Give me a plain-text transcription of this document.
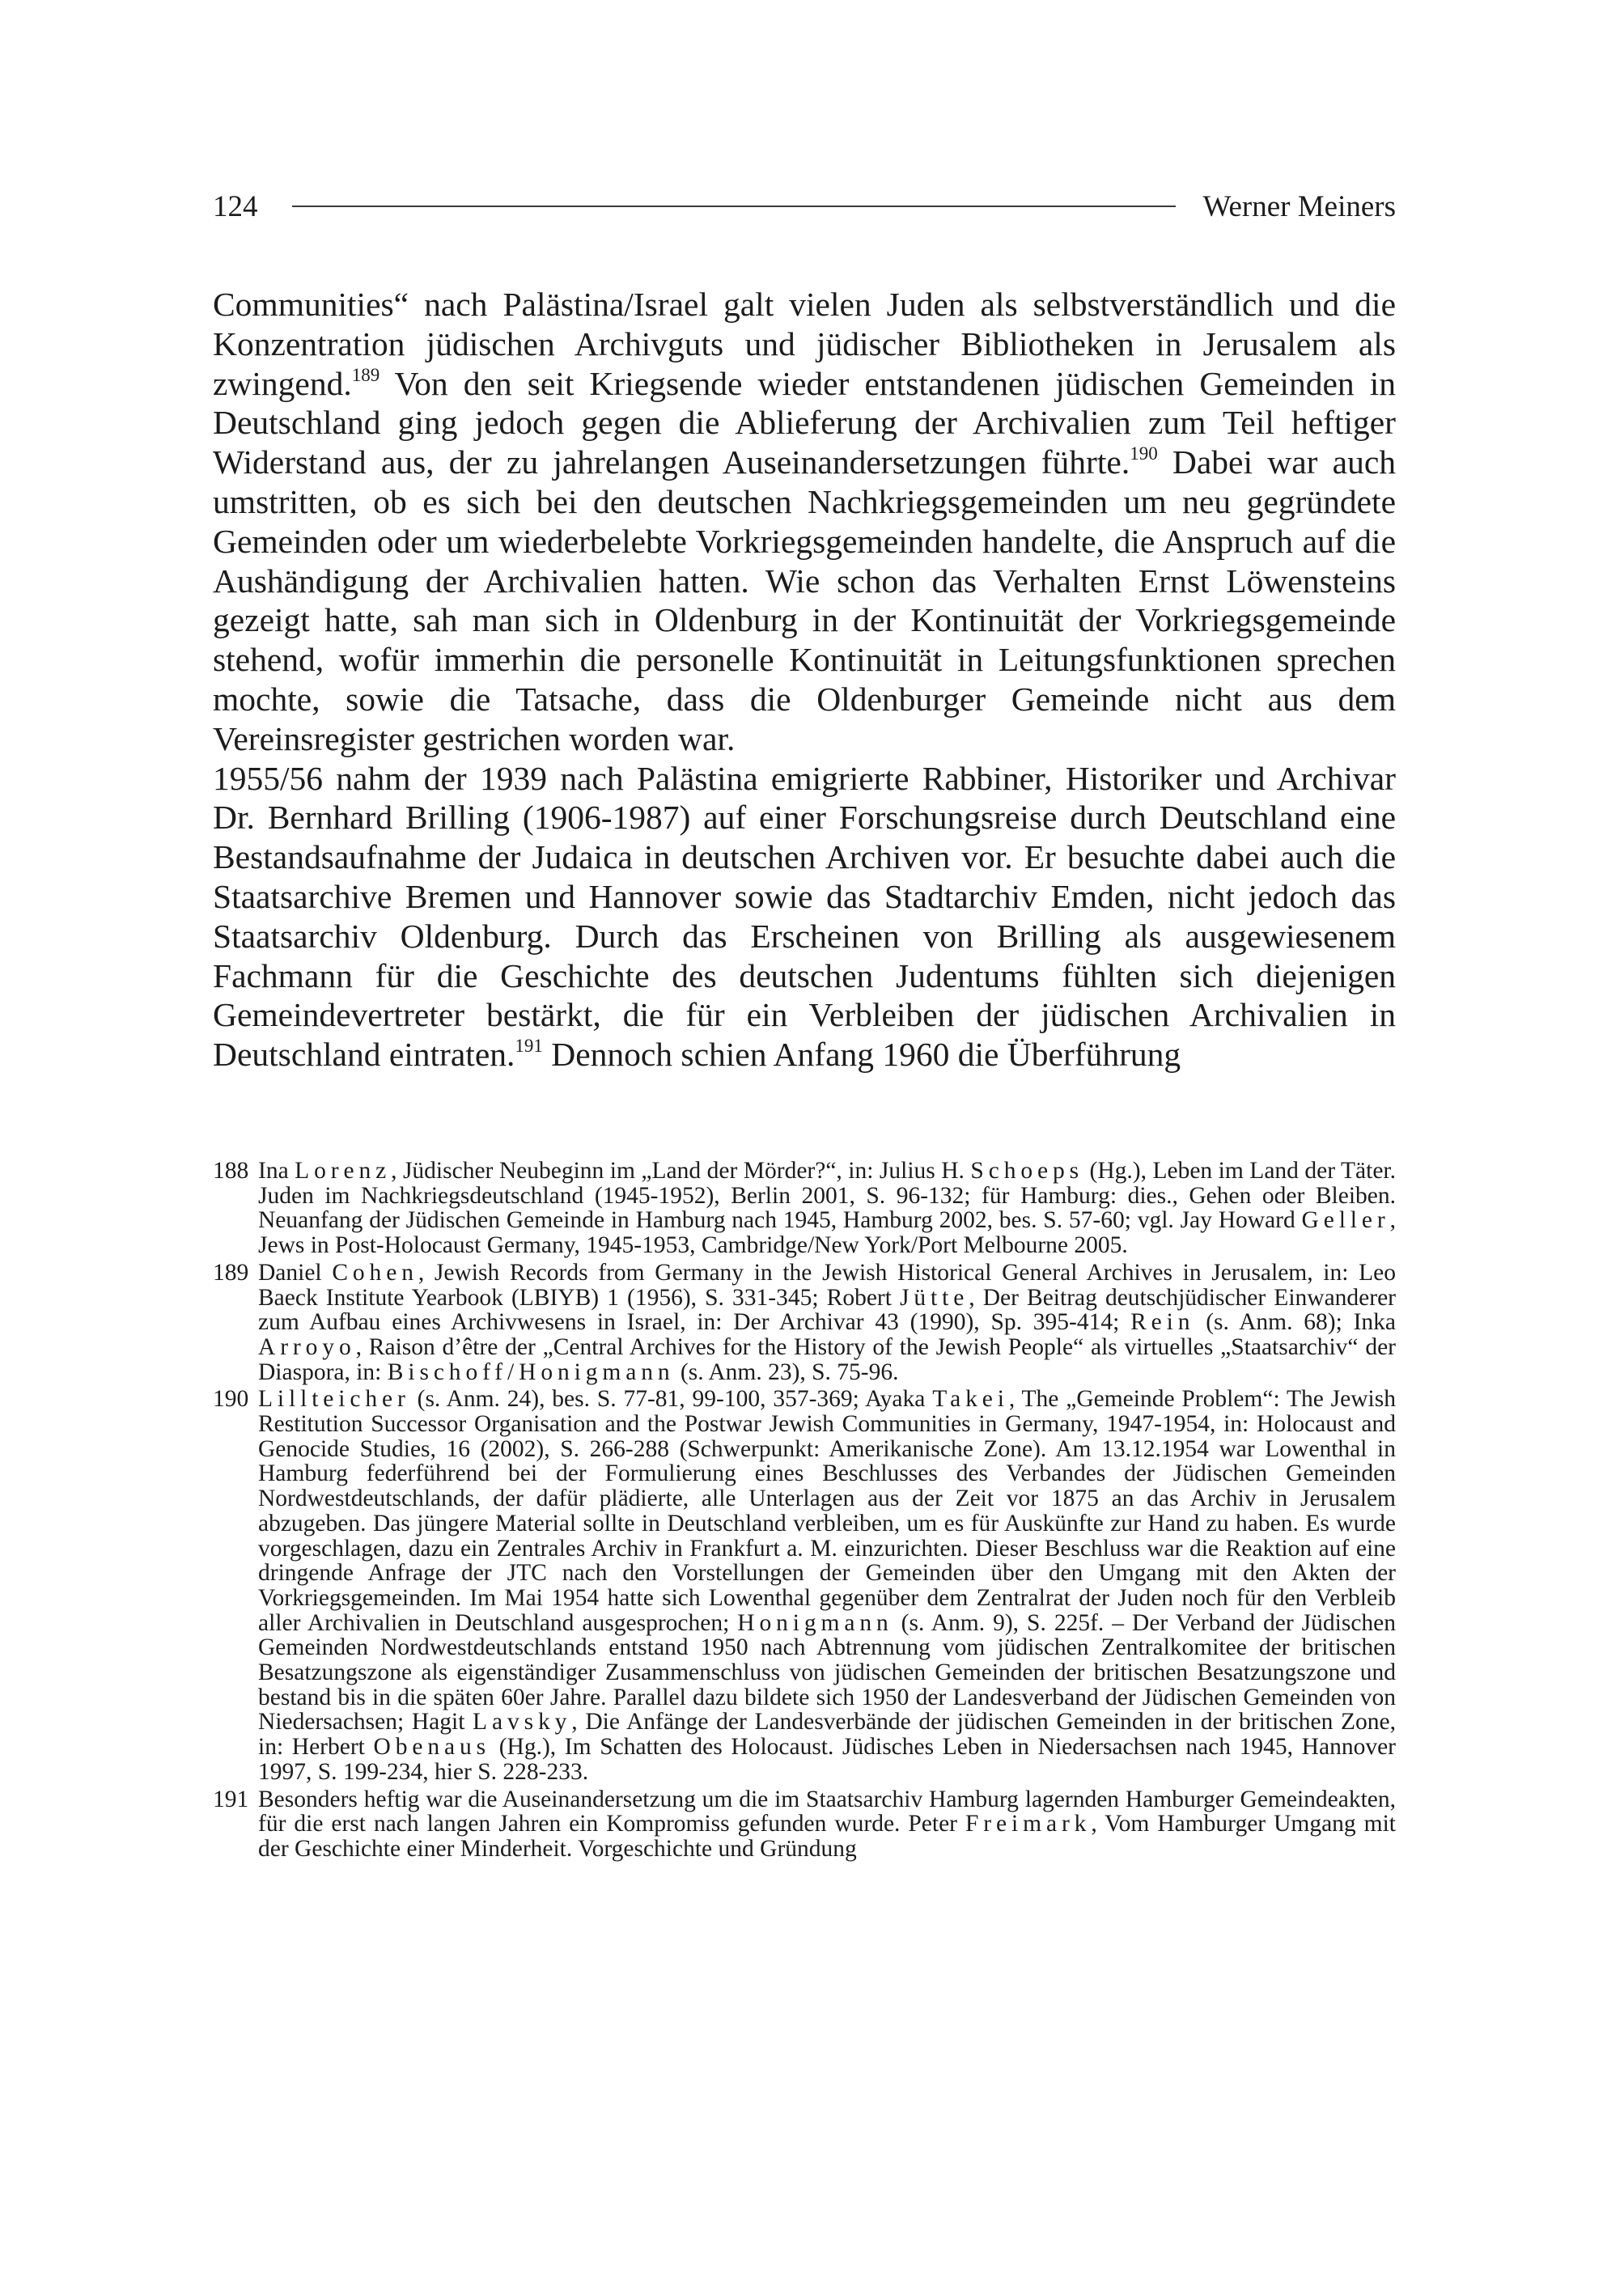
124	Werner Meiners

Communities“ nach Palästina/Israel galt vielen Juden als selbstverständlich und die Konzentration jüdischen Archivguts und jüdischer Bibliotheken in Jerusalem als zwingend.$^{189}$ Von den seit Kriegsende wieder entstandenen jüdischen Gemeinden in Deutschland ging jedoch gegen die Ablieferung der Archivalien zum Teil heftiger Widerstand aus, der zu jahrelangen Auseinandersetzungen führte.$^{190}$ Dabei war auch umstritten, ob es sich bei den deutschen Nachkriegsgemeinden um neu gegründete Gemeinden oder um wiederbelebte Vorkriegsgemeinden handelte, die Anspruch auf die Aushändigung der Archivalien hatten. Wie schon das Verhalten Ernst Löwensteins gezeigt hatte, sah man sich in Oldenburg in der Kontinuität der Vorkriegsgemeinde stehend, wofür immerhin die personelle Kontinuität in Leitungsfunktionen sprechen mochte, sowie die Tatsache, dass die Oldenburger Gemeinde nicht aus dem Vereinsregister gestrichen worden war.

1955/56 nahm der 1939 nach Palästina emigrierte Rabbiner, Historiker und Archivar Dr. Bernhard Brilling (1906-1987) auf einer Forschungsreise durch Deutschland eine Bestandsaufnahme der Judaica in deutschen Archiven vor. Er besuchte dabei auch die Staatsarchive Bremen und Hannover sowie das Stadtarchiv Emden, nicht jedoch das Staatsarchiv Oldenburg. Durch das Erscheinen von Brilling als ausgewiesenem Fachmann für die Geschichte des deutschen Judentums fühlten sich diejenigen Gemeindevertreter bestärkt, die für ein Verbleiben der jüdischen Archivalien in Deutschland eintraten.$^{191}$ Dennoch schien Anfang 1960 die Überführung

188 Ina Lorenz, Jüdischer Neubeginn im „Land der Mörder?“, in: Julius H. Schoeps (Hg.), Leben im Land der Täter. Juden im Nachkriegsdeutschland (1945-1952), Berlin 2001, S. 96-132; für Hamburg: dies., Gehen oder Bleiben. Neuanfang der Jüdischen Gemeinde in Hamburg nach 1945, Hamburg 2002, bes. S. 57-60; vgl. Jay Howard Geller, Jews in Post-Holocaust Germany, 1945-1953, Cambridge/New York/Port Melbourne 2005.
189 Daniel Cohen, Jewish Records from Germany in the Jewish Historical General Archives in Jerusalem, in: Leo Baeck Institute Yearbook (LBIYB) 1 (1956), S. 331-345; Robert Jütte, Der Beitrag deutschjüdischer Einwanderer zum Aufbau eines Archivwesens in Israel, in: Der Archivar 43 (1990), Sp. 395-414; Rein (s. Anm. 68); Inka Arroyo, Raison d’être der „Central Archives for the History of the Jewish People“ als virtuelles „Staatsarchiv“ der Diaspora, in: Bischoff/Honigmann (s. Anm. 23), S. 75-96.
190 Lillteicher (s. Anm. 24), bes. S. 77-81, 99-100, 357-369; Ayaka Takei, The „Gemeinde Problem“: The Jewish Restitution Successor Organisation and the Postwar Jewish Communities in Germany, 1947-1954, in: Holocaust and Genocide Studies, 16 (2002), S. 266-288 (Schwerpunkt: Amerikanische Zone). Am 13.12.1954 war Lowenthal in Hamburg federführend bei der Formulierung eines Beschlusses des Verbandes der Jüdischen Gemeinden Nordwestdeutschlands, der dafür plädierte, alle Unterlagen aus der Zeit vor 1875 an das Archiv in Jerusalem abzugeben. Das jüngere Material sollte in Deutschland verbleiben, um es für Auskünfte zur Hand zu haben. Es wurde vorgeschlagen, dazu ein Zentrales Archiv in Frankfurt a. M. einzurichten. Dieser Beschluss war die Reaktion auf eine dringende Anfrage der JTC nach den Vorstellungen der Gemeinden über den Umgang mit den Akten der Vorkriegsgemeinden. Im Mai 1954 hatte sich Lowenthal gegenüber dem Zentralrat der Juden noch für den Verbleib aller Archivalien in Deutschland ausgesprochen; Honigmann (s. Anm. 9), S. 225f. – Der Verband der Jüdischen Gemeinden Nordwestdeutschlands entstand 1950 nach Abtrennung vom jüdischen Zentralkomitee der britischen Besatzungszone als eigenständiger Zusammenschluss von jüdischen Gemeinden der britischen Besatzungszone und bestand bis in die späten 60er Jahre. Parallel dazu bildete sich 1950 der Landesverband der Jüdischen Gemeinden von Niedersachsen; Hagit Lavsky, Die Anfänge der Landesverbände der jüdischen Gemeinden in der britischen Zone, in: Herbert Obenaus (Hg.), Im Schatten des Holocaust. Jüdisches Leben in Niedersachsen nach 1945, Hannover 1997, S. 199-234, hier S. 228-233.
191 Besonders heftig war die Auseinandersetzung um die im Staatsarchiv Hamburg lagernden Hamburger Gemeindeakten, für die erst nach langen Jahren ein Kompromiss gefunden wurde. Peter Freimark, Vom Hamburger Umgang mit der Geschichte einer Minderheit. Vorgeschichte und Gründung
